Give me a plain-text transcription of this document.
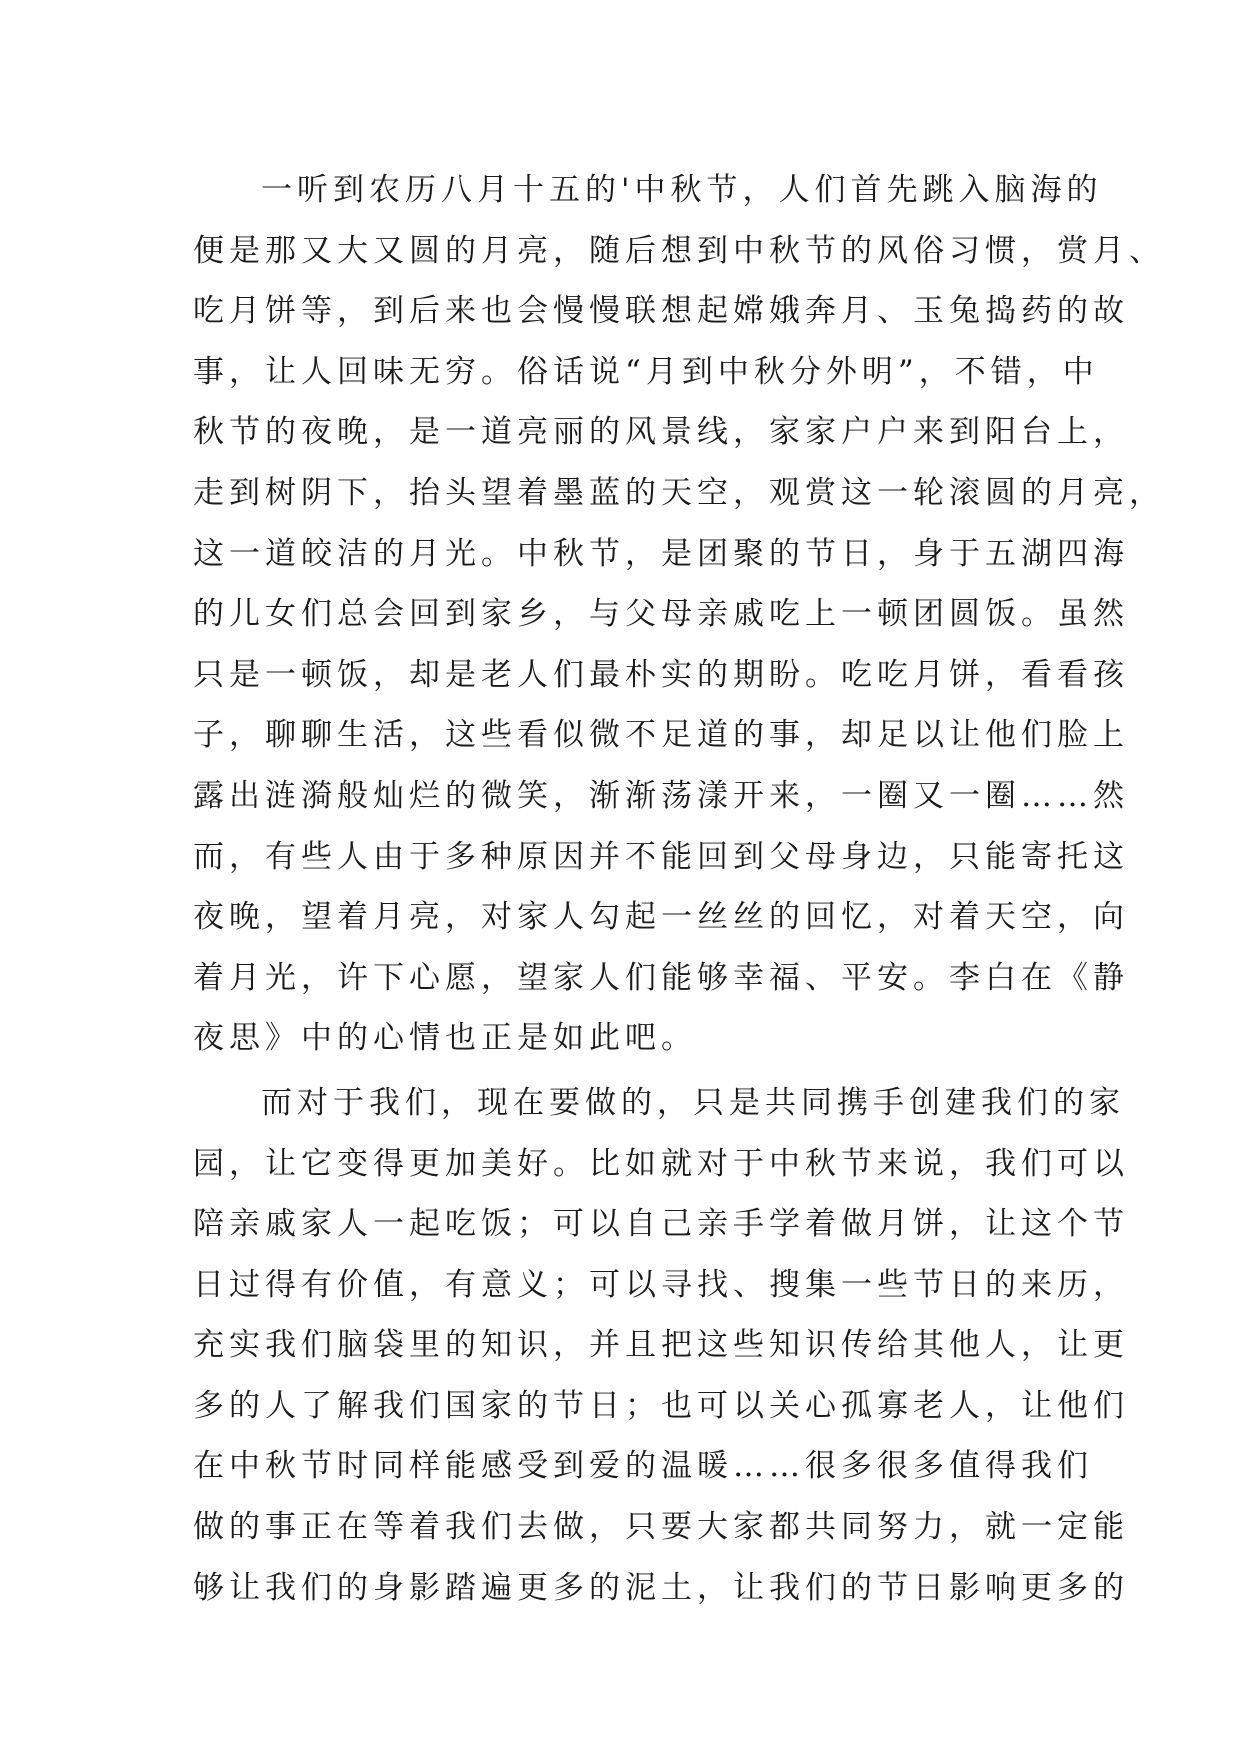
一听到农历八月十五的'中秋节，人们首先跳入脑海的
便是那又大又圆的月亮，随后想到中秋节的风俗习惯，赏月、
吃月饼等，到后来也会慢慢联想起嫦娥奔月、玉兔捣药的故
事，让人回味无穷。俗话说“月到中秋分外明”，不错，中
秋节的夜晚，是一道亮丽的风景线，家家户户来到阳台上，
走到树阴下，抬头望着墨蓝的天空，观赏这一轮滚圆的月亮，
这一道皎洁的月光。中秋节，是团聚的节日，身于五湖四海
的儿女们总会回到家乡，与父母亲戚吃上一顿团圆饭。虽然
只是一顿饭，却是老人们最朴实的期盼。吃吃月饼，看看孩
子，聊聊生活，这些看似微不足道的事，却足以让他们脸上
露出涟漪般灿烂的微笑，渐渐荡漾开来，一圈又一圈……然
而，有些人由于多种原因并不能回到父母身边，只能寄托这
夜晚，望着月亮，对家人勾起一丝丝的回忆，对着天空，向
着月光，许下心愿，望家人们能够幸福、平安。李白在《静
夜思》中的心情也正是如此吧。
而对于我们，现在要做的，只是共同携手创建我们的家
园，让它变得更加美好。比如就对于中秋节来说，我们可以
陪亲戚家人一起吃饭；可以自己亲手学着做月饼，让这个节
日过得有价值，有意义；可以寻找、搜集一些节日的来历，
充实我们脑袋里的知识，并且把这些知识传给其他人，让更
多的人了解我们国家的节日；也可以关心孤寡老人，让他们
在中秋节时同样能感受到爱的温暖……很多很多值得我们
做的事正在等着我们去做，只要大家都共同努力，就一定能
够让我们的身影踏遍更多的泥土，让我们的节日影响更多的
